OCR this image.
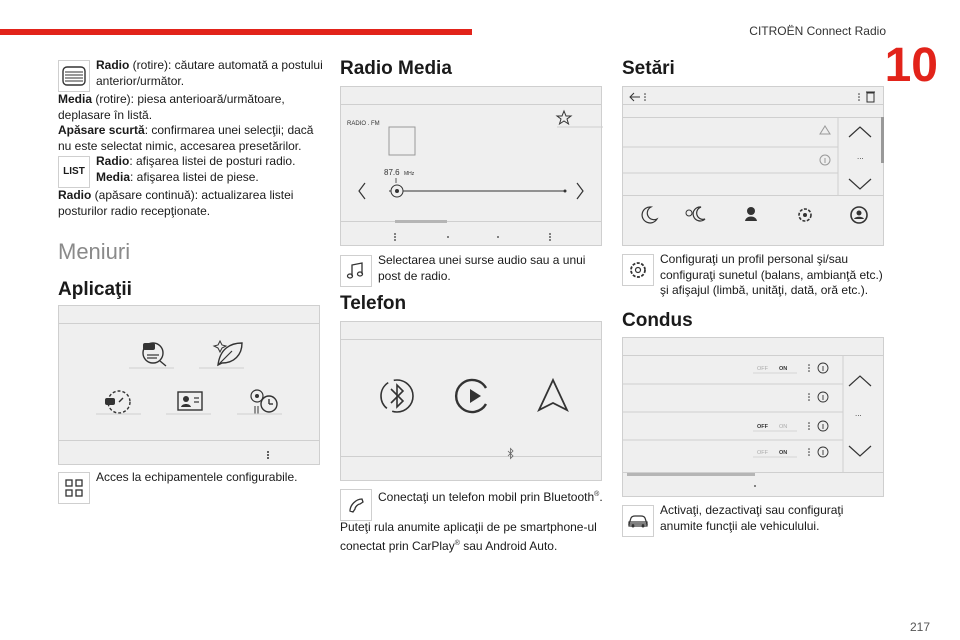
CITROËN Connect Radio
10
Radio (rotire): căutare automată a postului anterior/următor.
Media (rotire): piesa anterioară/următoare, deplasare în listă.
Apăsare scurtă: confirmarea unei selecţii; dacă nu este selectat nimic, accesarea presetărilor.
LIST
Radio: afişarea listei de posturi radio.
Media: afişarea listei de piese.
Radio (apăsare continuă): actualizarea listei posturilor radio recepţionate.
Meniuri
Aplicaţii
Acces la echipamentele configurabile.
Radio Media
RADIO . FM
87.6 MHz
Selectarea unei surse audio sau a unui post de radio.
Telefon
Conectaţi un telefon mobil prin Bluetooth®.
Puteţi rula anumite aplicaţii de pe smartphone-ul conectat prin CarPlay® sau Android Auto.
Setări
...
Configuraţi un profil personal şi/sau configuraţi sunetul (balans, ambianţă etc.) şi afişajul (limbă, unităţi, dată, oră etc.).
Condus
OFF ON
OFF ON
OFF ON
...
Activaţi, dezactivaţi sau configuraţi anumite funcţii ale vehiculului.
217
